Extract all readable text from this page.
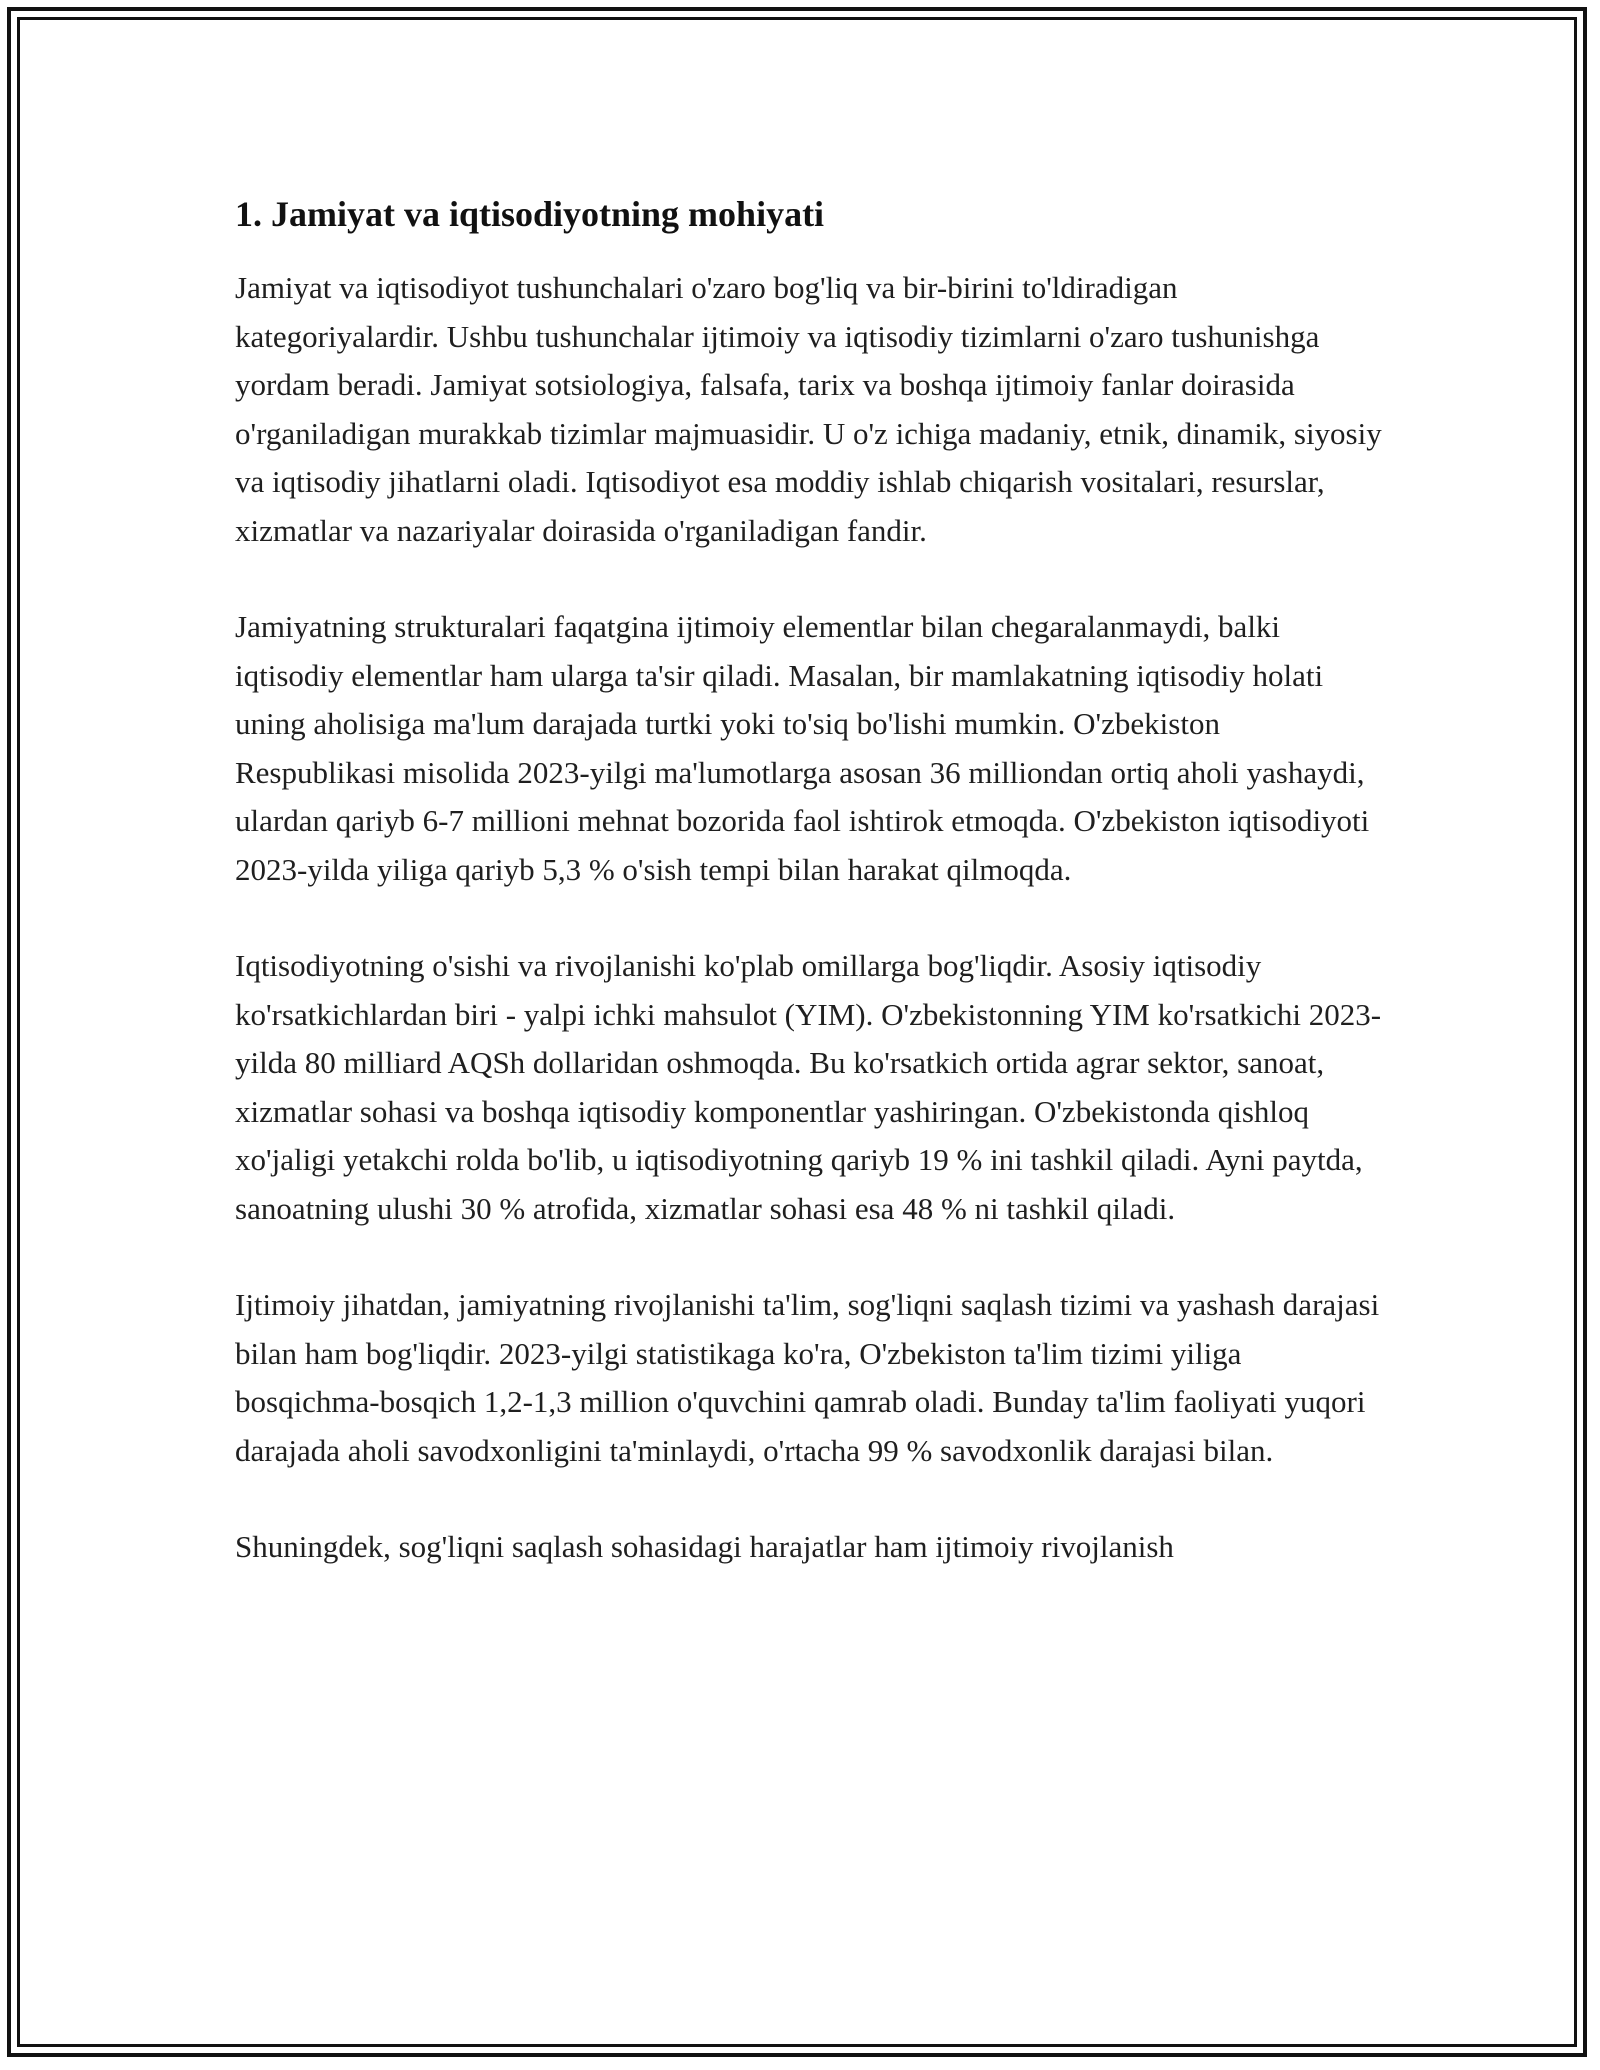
1. Jamiyat va iqtisodiyotning mohiyati

Jamiyat va iqtisodiyot tushunchalari o'zaro bog'liq va bir-birini to'ldiradigan kategoriyalardir. Ushbu tushunchalar ijtimoiy va iqtisodiy tizimlarni o'zaro tushunishga yordam beradi. Jamiyat sotsiologiya, falsafa, tarix va boshqa ijtimoiy fanlar doirasida o'rganiladigan murakkab tizimlar majmuasidir. U o'z ichiga madaniy, etnik, dinamik, siyosiy va iqtisodiy jihatlarni oladi. Iqtisodiyot esa moddiy ishlab chiqarish vositalari, resurslar, xizmatlar va nazariyalar doirasida o'rganiladigan fandir.

Jamiyatning strukturalari faqatgina ijtimoiy elementlar bilan chegaralanmaydi, balki iqtisodiy elementlar ham ularga ta'sir qiladi. Masalan, bir mamlakatning iqtisodiy holati uning aholisiga ma'lum darajada turtki yoki to'siq bo'lishi mumkin. O'zbekiston Respublikasi misolida 2023-yilgi ma'lumotlarga asosan 36 milliondan ortiq aholi yashaydi, ulardan qariyb 6-7 millioni mehnat bozorida faol ishtirok etmoqda. O'zbekiston iqtisodiyoti 2023-yilda yiliga qariyb 5,3 % o'sish tempi bilan harakat qilmoqda.

Iqtisodiyotning o'sishi va rivojlanishi ko'plab omillarga bog'liqdir. Asosiy iqtisodiy ko'rsatkichlardan biri - yalpi ichki mahsulot (YIM). O'zbekistonning YIM ko'rsatkichi 2023-yilda 80 milliard AQSh dollaridan oshmoqda. Bu ko'rsatkich ortida agrar sektor, sanoat, xizmatlar sohasi va boshqa iqtisodiy komponentlar yashiringan. O'zbekistonda qishloq xo'jaligi yetakchi rolda bo'lib, u iqtisodiyotning qariyb 19 % ini tashkil qiladi. Ayni paytda, sanoatning ulushi 30 % atrofida, xizmatlar sohasi esa 48 % ni tashkil qiladi.

Ijtimoiy jihatdan, jamiyatning rivojlanishi ta'lim, sog'liqni saqlash tizimi va yashash darajasi bilan ham bog'liqdir. 2023-yilgi statistikaga ko'ra, O'zbekiston ta'lim tizimi yiliga bosqichma-bosqich 1,2-1,3 million o'quvchini qamrab oladi. Bunday ta'lim faoliyati yuqori darajada aholi savodxonligini ta'minlaydi, o'rtacha 99 % savodxonlik darajasi bilan.

Shuningdek, sog'liqni saqlash sohasidagi harajatlar ham ijtimoiy rivojlanish
